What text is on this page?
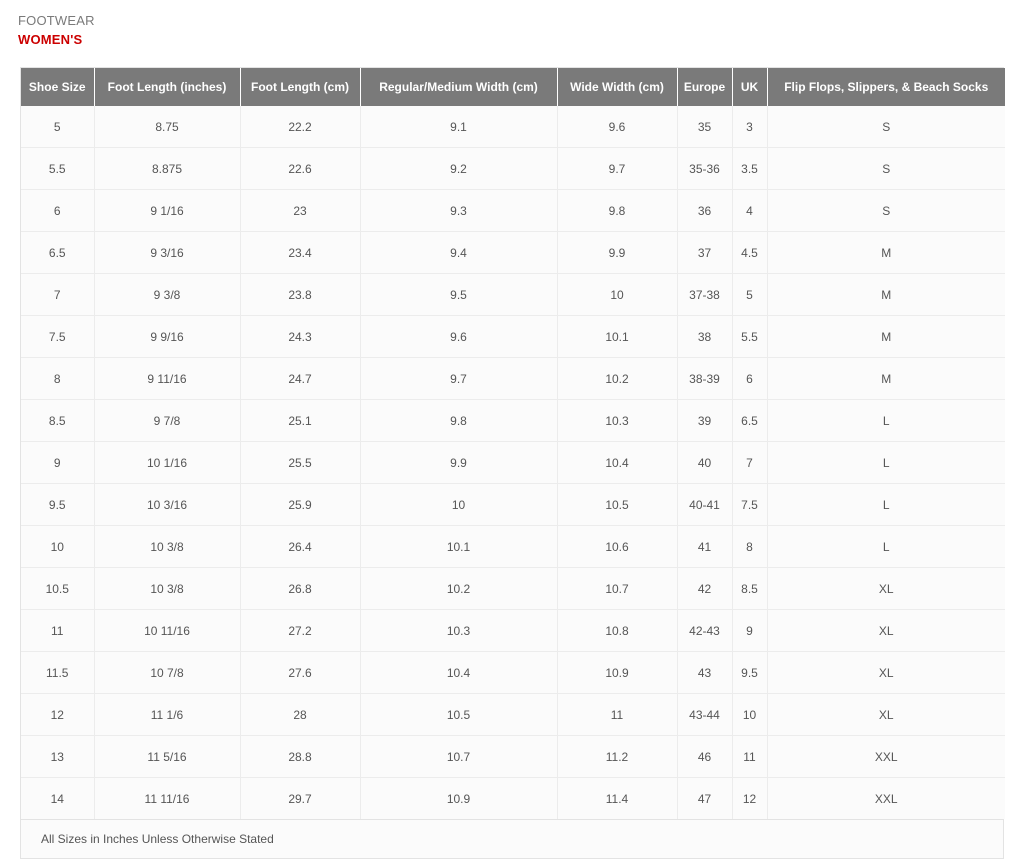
FOOTWEAR
WOMEN'S
Shoe Size	Foot Length (inches)	Foot Length (cm)	Regular/Medium Width (cm)	Wide Width (cm)	Europe	UK	Flip Flops, Slippers, & Beach Socks
5	8.75	22.2	9.1	9.6	35	3	S
5.5	8.875	22.6	9.2	9.7	35-36	3.5	S
6	9 1/16	23	9.3	9.8	36	4	S
6.5	9 3/16	23.4	9.4	9.9	37	4.5	M
7	9 3/8	23.8	9.5	10	37-38	5	M
7.5	9 9/16	24.3	9.6	10.1	38	5.5	M
8	9 11/16	24.7	9.7	10.2	38-39	6	M
8.5	9 7/8	25.1	9.8	10.3	39	6.5	L
9	10 1/16	25.5	9.9	10.4	40	7	L
9.5	10 3/16	25.9	10	10.5	40-41	7.5	L
10	10 3/8	26.4	10.1	10.6	41	8	L
10.5	10 3/8	26.8	10.2	10.7	42	8.5	XL
11	10 11/16	27.2	10.3	10.8	42-43	9	XL
11.5	10 7/8	27.6	10.4	10.9	43	9.5	XL
12	11 1/6	28	10.5	11	43-44	10	XL
13	11 5/16	28.8	10.7	11.2	46	11	XXL
14	11 11/16	29.7	10.9	11.4	47	12	XXL
All Sizes in Inches Unless Otherwise Stated
